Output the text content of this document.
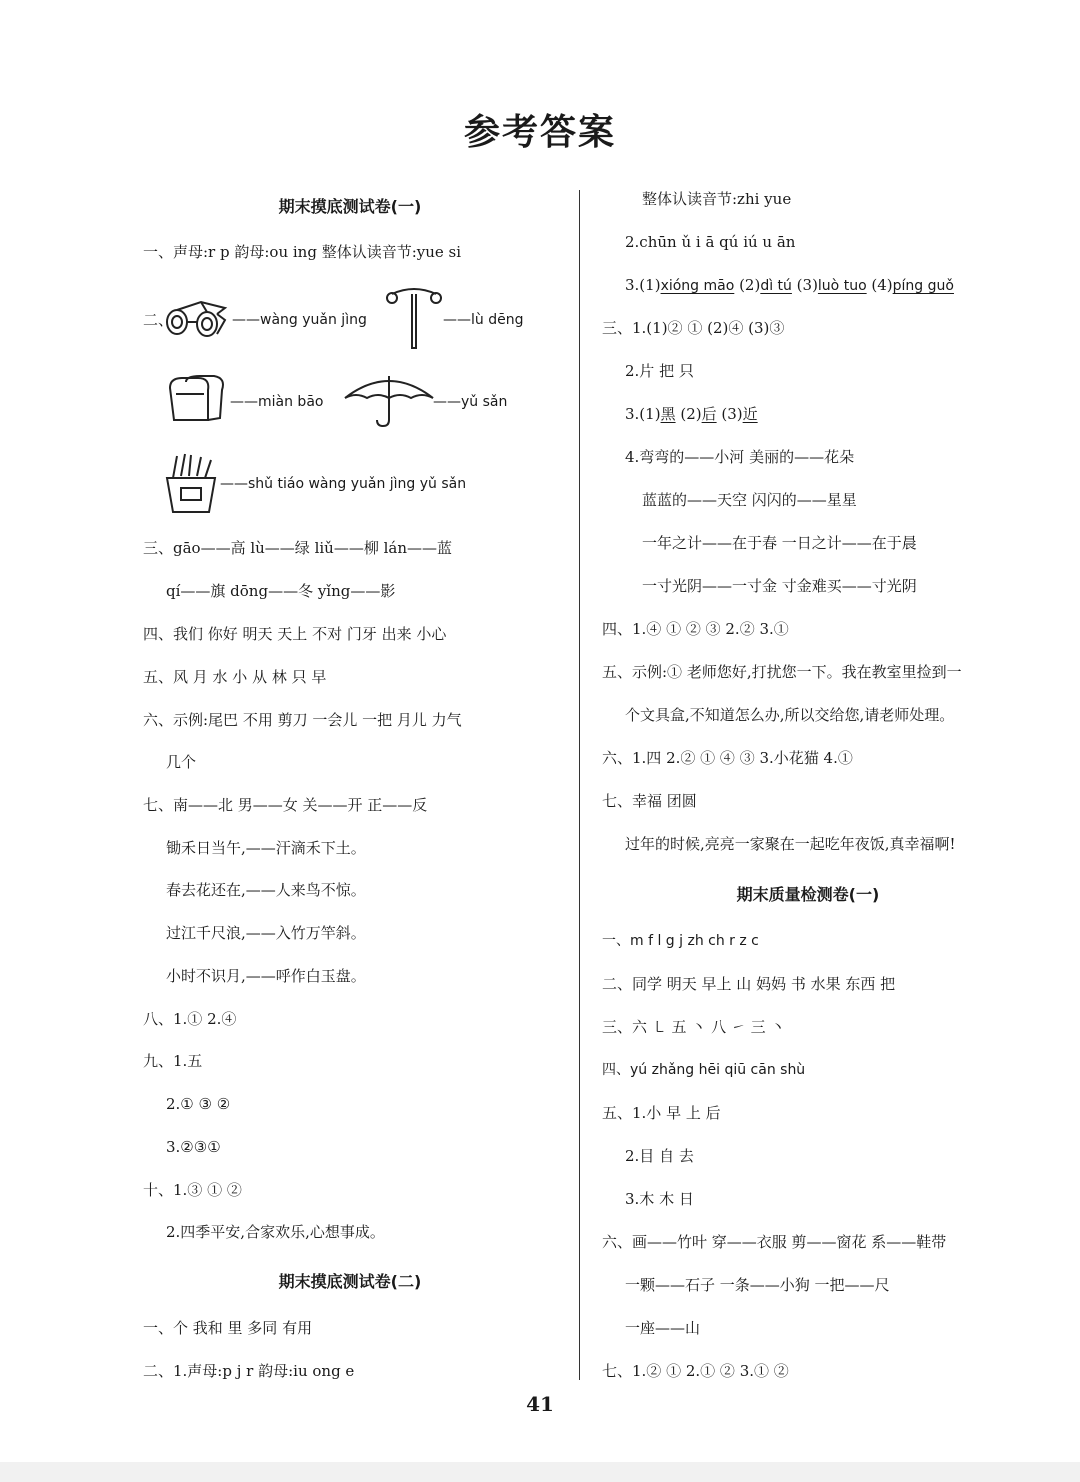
参考答案
期末摸底测试卷(一)
一、声母:r p 韵母:ou ing 整体认读音节:yue si
二、	——wàng yuǎn jìng	——lù dēng
——miàn bāo	——yǔ sǎn
——shǔ tiáo wàng yuǎn jìng yǔ sǎn
三、gāo——高 lù——绿 liǔ——柳 lán——蓝
qí——旗 dōng——冬 yǐng——影
四、我们 你好 明天 天上 不对 门牙 出来 小心
五、风 月 水 小 从 林 只 早
六、示例:尾巴 不用 剪刀 一会儿 一把 月儿 力气
几个
七、南——北 男——女 关——开 正——反
锄禾日当午,——汗滴禾下土。
春去花还在,——人来鸟不惊。
过江千尺浪,——入竹万竿斜。
小时不识月,——呼作白玉盘。
八、1.① 2.④
九、1.五
2.① ③ ②
3.②③①
十、1.③ ① ②
2.四季平安,合家欢乐,心想事成。
期末摸底测试卷(二)
一、个 我和 里 多同 有用
二、1.声母:p j r 韵母:iu ong e
整体认读音节:zhi yue
2.chūn ǔ i ā qú iú u ān
3.(1)xióng māo (2)dì tú (3)luò tuo (4)píng guǒ
三、1.(1)② ① (2)④ (3)③
2.片 把 只
3.(1)黑 (2)后 (3)近
4.弯弯的——小河 美丽的——花朵
蓝蓝的——天空 闪闪的——星星
一年之计——在于春 一日之计——在于晨
一寸光阴——一寸金 寸金难买——寸光阴
四、1.④ ① ② ③ 2.② 3.①
五、示例:① 老师您好,打扰您一下。我在教室里捡到一
个文具盒,不知道怎么办,所以交给您,请老师处理。
六、1.四 2.② ① ④ ③ 3.小花猫 4.①
七、幸福 团圆
过年的时候,亮亮一家聚在一起吃年夜饭,真幸福啊!
期末质量检测卷(一)
一、m f l g j zh ch r z c
二、同学 明天 早上 山 妈妈 书 水果 东西 把
三、六 ㇄ 五 丶 八 ㇀ 三 丶
四、yú zhǎng hēi qiū cān shù
五、1.小 早 上 后
2.目 自 去
3.木 木 日
六、画——竹叶 穿——衣服 剪——窗花 系——鞋带
一颗——石子 一条——小狗 一把——尺
一座——山
七、1.② ① 2.① ② 3.① ②
41
